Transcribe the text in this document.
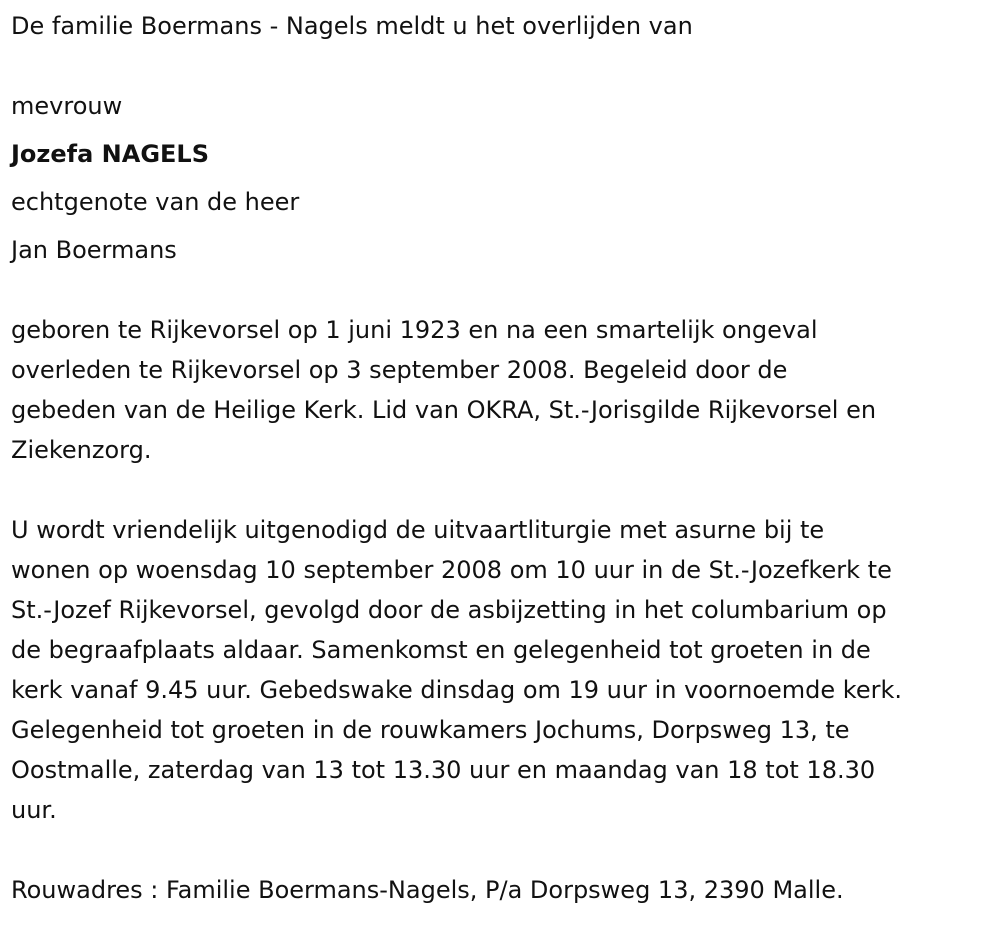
De familie Boermans - Nagels meldt u het overlijden van
mevrouw
Jozefa NAGELS
echtgenote van de heer
Jan Boermans

geboren te Rijkevorsel op 1 juni 1923 en na een smartelijk ongeval
overleden te Rijkevorsel op 3 september 2008. Begeleid door de
gebeden van de Heilige Kerk. Lid van OKRA, St.-Jorisgilde Rijkevorsel en
Ziekenzorg.

U wordt vriendelijk uitgenodigd de uitvaartliturgie met asurne bij te
wonen op woensdag 10 september 2008 om 10 uur in de St.-Jozefkerk te
St.-Jozef Rijkevorsel, gevolgd door de asbijzetting in het columbarium op
de begraafplaats aldaar. Samenkomst en gelegenheid tot groeten in de
kerk vanaf 9.45 uur. Gebedswake dinsdag om 19 uur in voornoemde kerk.
Gelegenheid tot groeten in de rouwkamers Jochums, Dorpsweg 13, te
Oostmalle, zaterdag van 13 tot 13.30 uur en maandag van 18 tot 18.30
uur.

Rouwadres : Familie Boermans-Nagels, P/a Dorpsweg 13, 2390 Malle.
